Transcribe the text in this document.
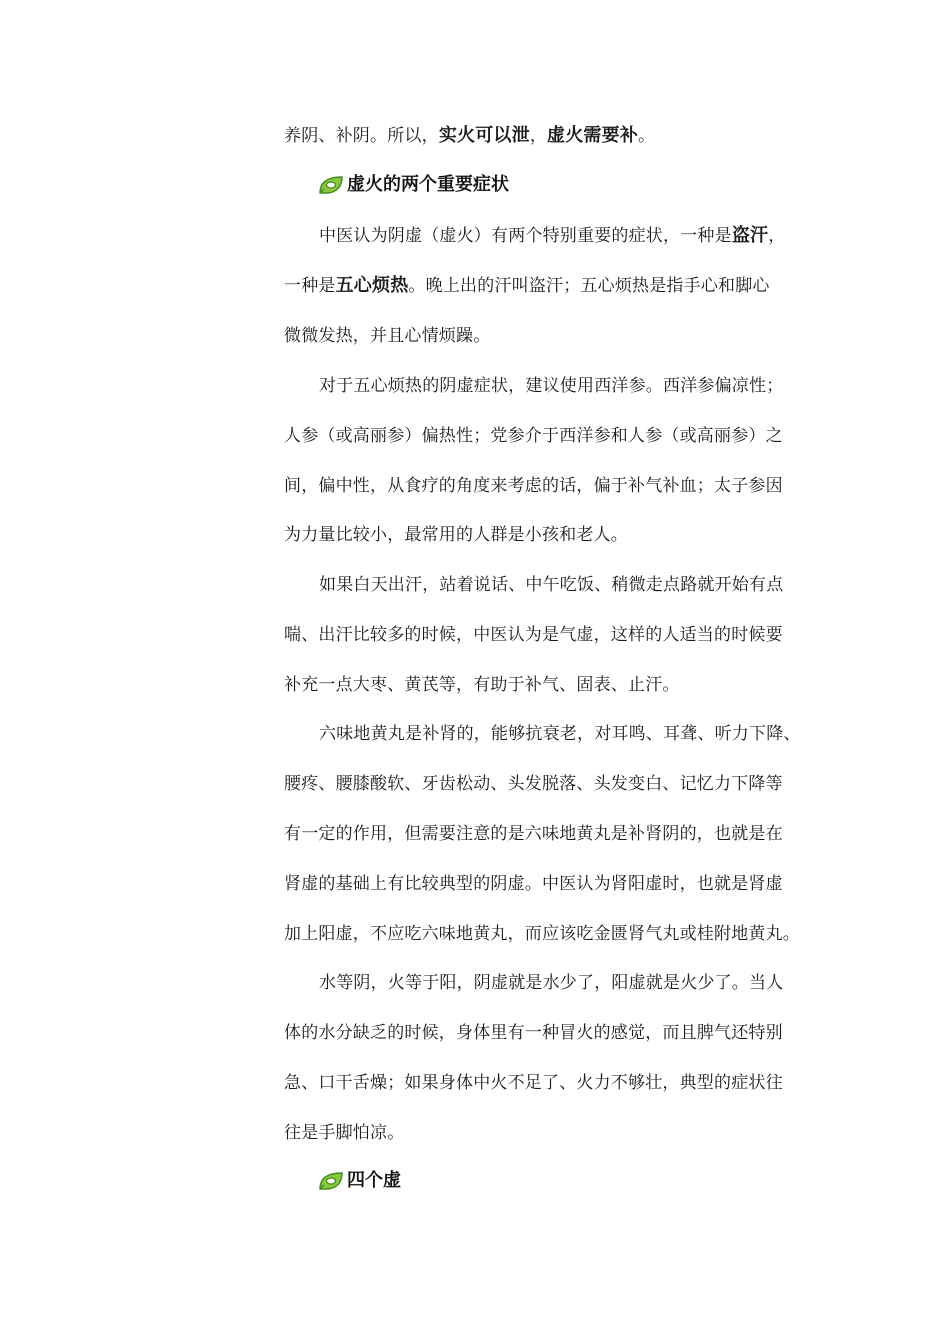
养阴、补阴。所以，实火可以泄，虚火需要补。
虚火的两个重要症状
中医认为阴虚（虚火）有两个特别重要的症状，一种是盗汗，
一种是五心烦热。晚上出的汗叫盗汗；五心烦热是指手心和脚心
微微发热，并且心情烦躁。
对于五心烦热的阴虚症状，建议使用西洋参。西洋参偏凉性；
人参（或高丽参）偏热性；党参介于西洋参和人参（或高丽参）之
间，偏中性，从食疗的角度来考虑的话，偏于补气补血；太子参因
为力量比较小，最常用的人群是小孩和老人。
如果白天出汗，站着说话、中午吃饭、稍微走点路就开始有点
喘、出汗比较多的时候，中医认为是气虚，这样的人适当的时候要
补充一点大枣、黄芪等，有助于补气、固表、止汗。
六味地黄丸是补肾的，能够抗衰老，对耳鸣、耳聋、听力下降、
腰疼、腰膝酸软、牙齿松动、头发脱落、头发变白、记忆力下降等
有一定的作用，但需要注意的是六味地黄丸是补肾阴的，也就是在
肾虚的基础上有比较典型的阴虚。中医认为肾阳虚时，也就是肾虚
加上阳虚，不应吃六味地黄丸，而应该吃金匮肾气丸或桂附地黄丸。
水等阴，火等于阳，阴虚就是水少了，阳虚就是火少了。当人
体的水分缺乏的时候，身体里有一种冒火的感觉，而且脾气还特别
急、口干舌燥；如果身体中火不足了、火力不够壮，典型的症状往
往是手脚怕凉。
四个虚
